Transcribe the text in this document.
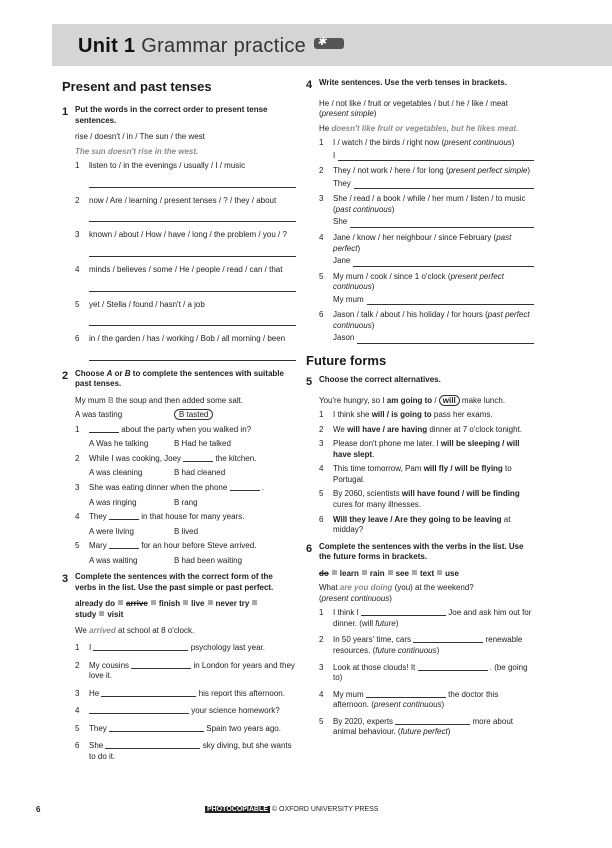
Unit 1 Grammar practice✱
Present and past tenses
1 Put the words in the correct order to present tense sentences.
rise / doesn't / in / The sun / the west
The sun doesn't rise in the west.
1	listen to / in the evenings / usually / I / music
2	now / Are / learning / present tenses / ? / they / about
3	known / about / How / have / long / the problem / you / ?
4	minds / believes / some / He / people / read / can / that
5	yet / Stella / found / hasn't / a job
6	in / the garden / has / working / Bob / all morning / been
2 Choose A or B to complete the sentences with suitable past tenses.
My mum B the soup and then added some salt.
A was tasting	B tasted
1	about the party when you walked in?
A Was he talking	B Had he talked
2	While I was cooking, Joey	the kitchen.
A was cleaning	B had cleaned
3	She was eating dinner when the phone	.
A was ringing	B rang
4	They	in that house for many years.
A were living	B lived
5	Mary	for an hour before Steve arrived.
A was waiting	B had been waiting
3 Complete the sentences with the correct form of the verbs in the list. Use the past simple or past perfect.
already do arrive finish live never try
study visit
We arrived at school at 8 o'clock.
1	I	psychology last year.
2	My cousins	in London for years and they love it.
3	He	his report this afternoon.
4	your science homework?
5	They	Spain two years ago.
6	She	sky diving, but she wants to do it.
4 Write sentences. Use the verb tenses in brackets.
He / not like / fruit or vegetables / but / he / like / meat
(present simple)
He doesn't like fruit or vegetables, but he likes meat.
1	I / watch / the birds / right now (present continuous)
I
2	They / not work / here / for long (present perfect simple)
They
3	She / read / a book / while / her mum / listen / to music (past continuous)
She
4	Jane / know / her neighbour / since February (past perfect)
Jane
5	My mum / cook / since 1 o'clock (present perfect continuous)
My mum
6	Jason / talk / about / his holiday / for hours (past perfect continuous)
Jason
Future forms
5 Choose the correct alternatives.
You're hungry, so I am going to / will make lunch.
1	I think she will / is going to pass her exams.
2	We will have / are having dinner at 7 o'clock tonight.
3	Please don't phone me later. I will be sleeping / will have slept.
4	This time tomorrow, Pam will fly / will be flying to Portugal.
5	By 2060, scientists will have found / will be finding cures for many illnesses.
6	Will they leave / Are they going to be leaving at midday?
6 Complete the sentences with the verbs in the list. Use the future forms in brackets.
do learn rain see text use
What are you doing (you) at the weekend?
(present continuous)
1	I think I	Joe and ask him out for dinner. (will future)
2	In 50 years' time, cars	renewable resources. (future continuous)
3	Look at those clouds! It	. (be going to)
4	My mum	the doctor this afternoon. (present continuous)
5	By 2020, experts	more about animal behaviour. (future perfect)
6	PHOTOCOPIABLE © OXFORD UNIVERSITY PRESS
